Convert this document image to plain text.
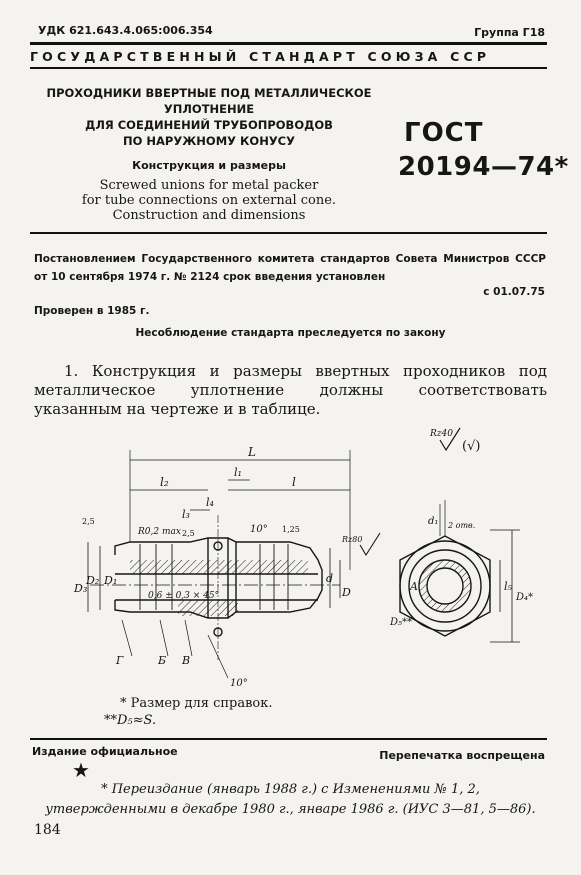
УДК 621.643.4.065:006.354	Группа Г18
ГОСУДАРСТВЕННЫЙ СТАНДАРТ СОЮЗА ССР
ПРОХОДНИКИ ВВЕРТНЫЕ ПОД МЕТАЛЛИЧЕСКОЕ
УПЛОТНЕНИЕ
ДЛЯ СОЕДИНЕНИЙ ТРУБОПРОВОДОВ
ПО НАРУЖНОМУ КОНУСУ
Конструкция и размеры
Screwed unions for metal packer
for tube connections on external cone.
Construction and dimensions
ГОСТ
20194—74*
Постановлением Государственного комитета стандартов Совета Министров СССР от 10 сентября 1974 г. № 2124 срок введения установлен
с 01.07.75
Проверен в 1985 г.
Несоблюдение стандарта преследуется по закону
1. Конструкция и размеры ввертных проходников под металлическое уплотнение должны соответствовать указанным на чертеже и в таблице.
L
l₂
l₁
l
l₄
l₃
R0,2 max
2,5
2,5	1,25
10°
10°
0,6 ± 0,3 × 45°
D₃
D₂ D₁	d
D
Г	Б В
Rz40
(√)
Rz80
d₁ 2 отв.
l₅
D₄*
D₅**
A
* Размер для справок.
**D₅≈S.
Издание официальное	Перепечатка воспрещена
★
* Переиздание (январь 1988 г.) с Изменениями № 1, 2,
утвержденными в декабре 1980 г., январе 1986 г. (ИУС 3—81, 5—86).
184
